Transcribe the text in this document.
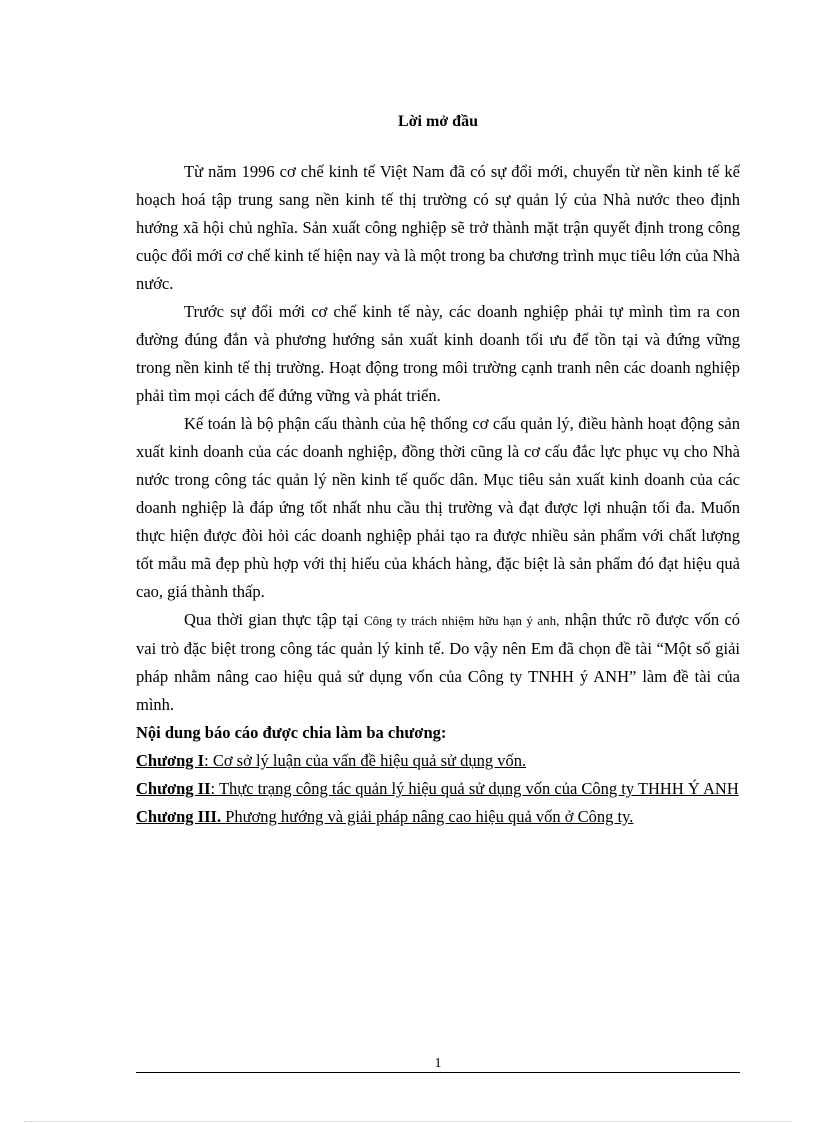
Lời mở đầu

Từ năm 1996 cơ chế kinh tế Việt Nam đã có sự đổi mới, chuyển từ nền kinh tế kế hoạch hoá tập trung sang nền kinh tế thị trường có sự quản lý của Nhà nước theo định hướng xã hội chủ nghĩa. Sản xuất công nghiệp sẽ trở thành mặt trận quyết định trong công cuộc đổi mới cơ chế kinh tế hiện nay và là một trong ba chương trình mục tiêu lớn của Nhà nước.

Trước sự đổi mới cơ chế kinh tế này, các doanh nghiệp phải tự mình tìm ra con đường đúng đắn và phương hướng sản xuất kinh doanh tối ưu để tồn tại và đứng vững trong nền kinh tế thị trường. Hoạt động trong môi trường cạnh tranh nên các doanh nghiệp phải tìm mọi cách để đứng vững và phát triển.

Kế toán là bộ phận cấu thành của hệ thống cơ cấu quản lý, điều hành hoạt động sản xuất kinh doanh của các doanh nghiệp, đồng thời cũng là cơ cấu đắc lực phục vụ cho Nhà nước trong công tác quản lý nền kinh tế quốc dân. Mục tiêu sản xuất kinh doanh của các doanh nghiệp là đáp ứng tốt nhất nhu cầu thị trường và đạt được lợi nhuận tối đa. Muốn thực hiện được đòi hỏi các doanh nghiệp phải tạo ra được nhiều sản phẩm với chất lượng tốt mẫu mã đẹp phù hợp với thị hiếu của khách hàng, đặc biệt là sản phẩm đó đạt hiệu quả cao, giá thành thấp.

Qua thời gian thực tập tại Công ty trách nhiệm hữu hạn ý anh, nhận thức rõ được vốn có vai trò đặc biệt trong công tác quản lý kinh tế. Do vậy nên Em đã chọn đề tài “Một số giải pháp nhằm nâng cao hiệu quả sử dụng vốn của Công ty TNHH ý ANH” làm đề tài của mình.

Nội dung báo cáo được chia làm ba chương:

Chương I: Cơ sở lý luận của vấn đề hiệu quả sử dụng vốn.

Chương II: Thực trạng công tác quản lý hiệu quả sử dụng vốn của Công ty THHH Ý ANH

Chương III. Phương hướng và giải pháp nâng cao hiệu quả vốn ở Công ty.

1
